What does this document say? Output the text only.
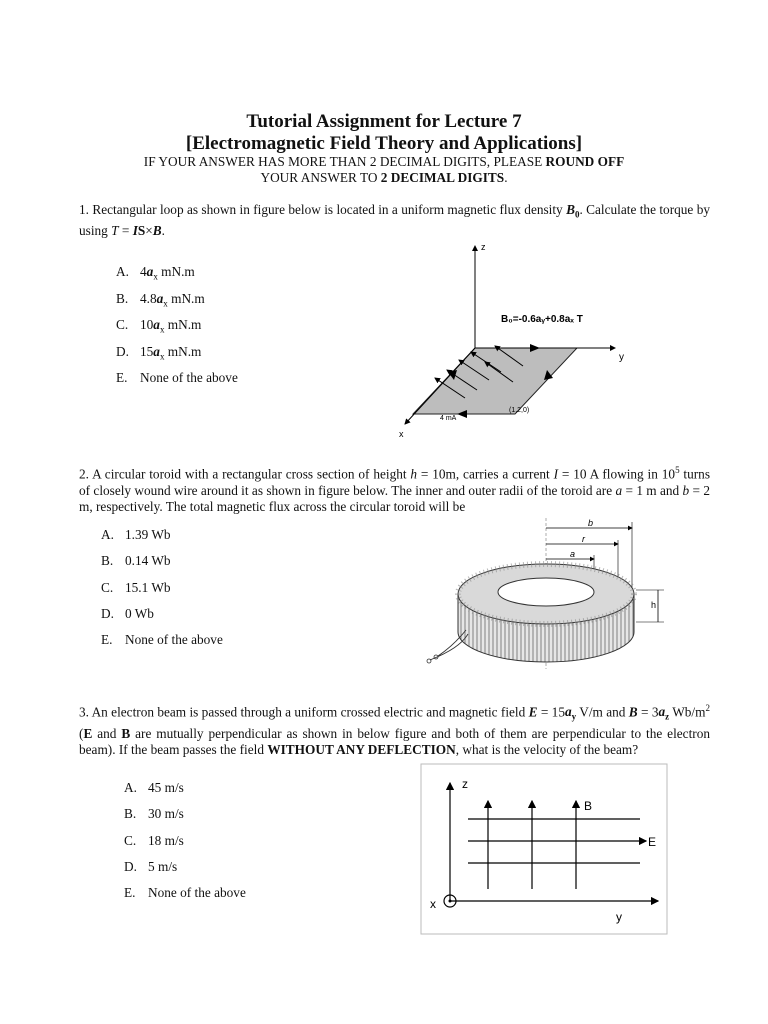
Tutorial Assignment for Lecture 7
[Electromagnetic Field Theory and Applications]
IF YOUR ANSWER HAS MORE THAN 2 DECIMAL DIGITS, PLEASE ROUND OFF
YOUR ANSWER TO 2 DECIMAL DIGITS.
1. Rectangular loop as shown in figure below is located in a uniform magnetic flux density $B_0$. Calculate the torque by using T = IS×B.
A. $4a_x$ mN.m
B. $4.8a_x$ mN.m
C. $10a_x$ mN.m
D. $15a_x$ mN.m
E. None of the above
z
y
x
B₀=-0.6aᵧ+0.8aₓ T
4 mA
(1,2,0)
2. A circular toroid with a rectangular cross section of height h = 10m, carries a current I = 10 A flowing in $10^5$ turns of closely wound wire around it as shown in figure below. The inner and outer radii of the toroid are a = 1 m and b = 2 m, respectively. The total magnetic flux across the circular toroid will be
A. 1.39 Wb
B. 0.14 Wb
C. 15.1 Wb
D. 0 Wb
E. None of the above
b
r
a
h
3. An electron beam is passed through a uniform crossed electric and magnetic field $E = 15a_y$ V/m and $B = 3a_z$ $Wb/m^2$ (E and B are mutually perpendicular as shown in below figure and both of them are perpendicular to the electron beam). If the beam passes the field WITHOUT ANY DEFLECTION, what is the velocity of the beam?
A. 45 m/s
B. 30 m/s
C. 18 m/s
D. 5 m/s
E. None of the above
z
B
E
x
y
